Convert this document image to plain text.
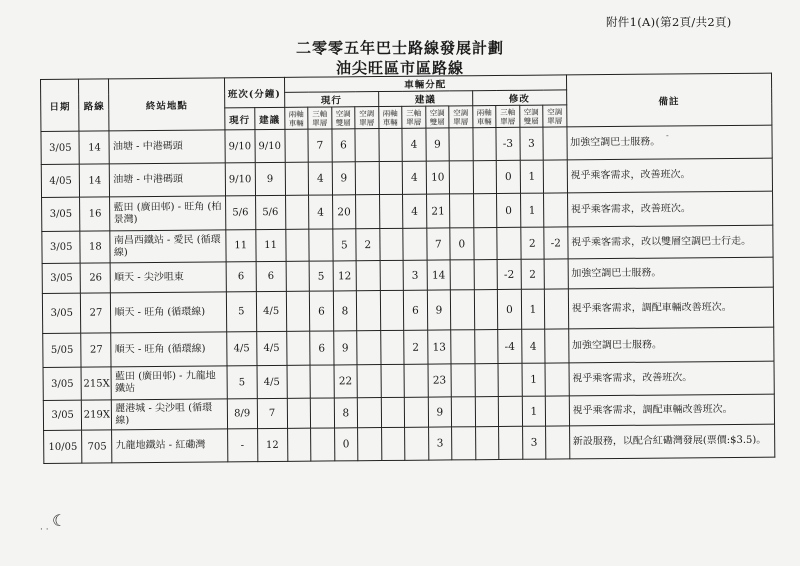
附件1(A)(第2頁/共2頁)
二零零五年巴士路線發展計劃
油尖旺區市區路線
日期	路線	終站地點	班次(分鐘)		車輛分配												備註
					現行				建議				修改				
			現行	建議	兩軸車輛	三軸單層	空調雙層	空調單層	兩軸車輛	三軸單層	空調雙層	空調單層	兩軸車輛	三軸單層	空調雙層	空調單層	
3/05	14	油塘 - 中港碼頭	9/10	9/10		7	6			4	9			-3	3		加強空調巴士服務。
4/05	14	油塘 - 中港碼頭	9/10	9		4	9			4	10			0	1		視乎乘客需求，改善班次。
3/05	16	藍田 (廣田邨) - 旺角 (柏景灣)	5/6	5/6		4	20			4	21			0	1		視乎乘客需求，改善班次。
3/05	18	南昌西鐵站 - 愛民 (循環線)	11	11			5	2			7	0			2	-2	視乎乘客需求，改以雙層空調巴士行走。
3/05	26	順天 - 尖沙咀東	6	6		5	12			3	14			-2	2		加強空調巴士服務。
3/05	27	順天 - 旺角 (循環線)	5	4/5		6	8			6	9			0	1		視乎乘客需求，調配車輛改善班次。
5/05	27	順天 - 旺角 (循環線)	4/5	4/5		6	9			2	13			-4	4		加強空調巴士服務。
3/05	215X	藍田 (廣田邨) - 九龍地鐵站	5	4/5			22				23				1		視乎乘客需求，改善班次。
3/05	219X	麗港城 - 尖沙咀 (循環線)	8/9	7			8				9				1		視乎乘客需求，調配車輛改善班次。
10/05	705	九龍地鐵站 - 紅磡灣	-	12			0				3				3		新設服務，以配合紅磡灣發展(票價:$3.5)。
-
☾
· ·
